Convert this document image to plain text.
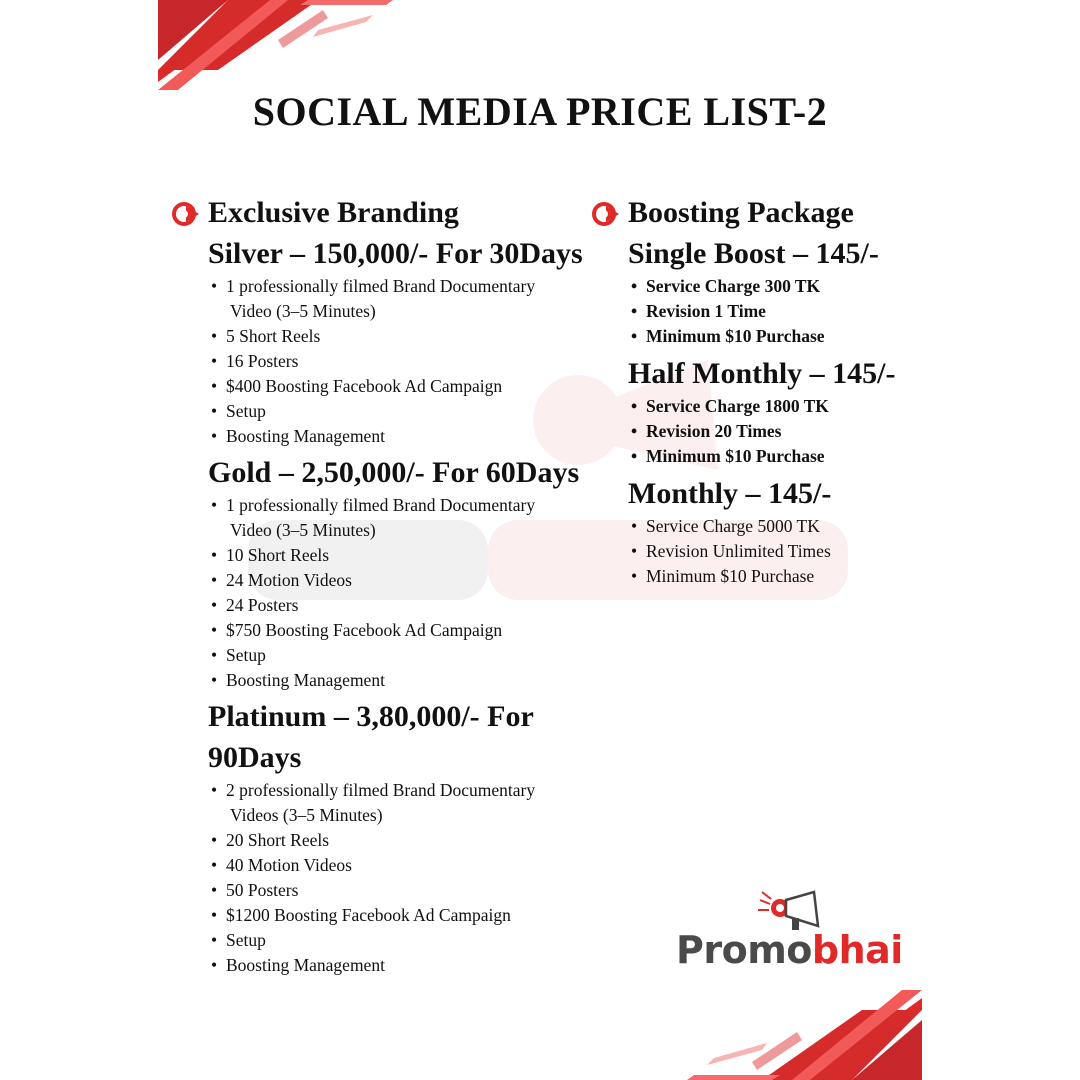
SOCIAL MEDIA PRICE LIST-2
Exclusive Branding
Silver – 150,000/- For 30Days
• 1 professionally filmed Brand Documentary
Video (3–5 Minutes)
• 5 Short Reels
• 16 Posters
• $400 Boosting Facebook Ad Campaign
• Setup
• Boosting Management
Gold – 2,50,000/- For 60Days
• 1 professionally filmed Brand Documentary
Video (3–5 Minutes)
• 10 Short Reels
• 24 Motion Videos
• 24 Posters
• $750 Boosting Facebook Ad Campaign
• Setup
• Boosting Management
Platinum – 3,80,000/- For 90Days
• 2 professionally filmed Brand Documentary
Videos (3–5 Minutes)
• 20 Short Reels
• 40 Motion Videos
• 50 Posters
• $1200 Boosting Facebook Ad Campaign
• Setup
• Boosting Management
Boosting Package
Single Boost – 145/-
• Service Charge 300 TK
• Revision 1 Time
• Minimum $10 Purchase
Half Monthly – 145/-
• Service Charge 1800 TK
• Revision 20 Times
• Minimum $10 Purchase
Monthly – 145/-
• Service Charge 5000 TK
• Revision Unlimited Times
• Minimum $10 Purchase
Promobhai
